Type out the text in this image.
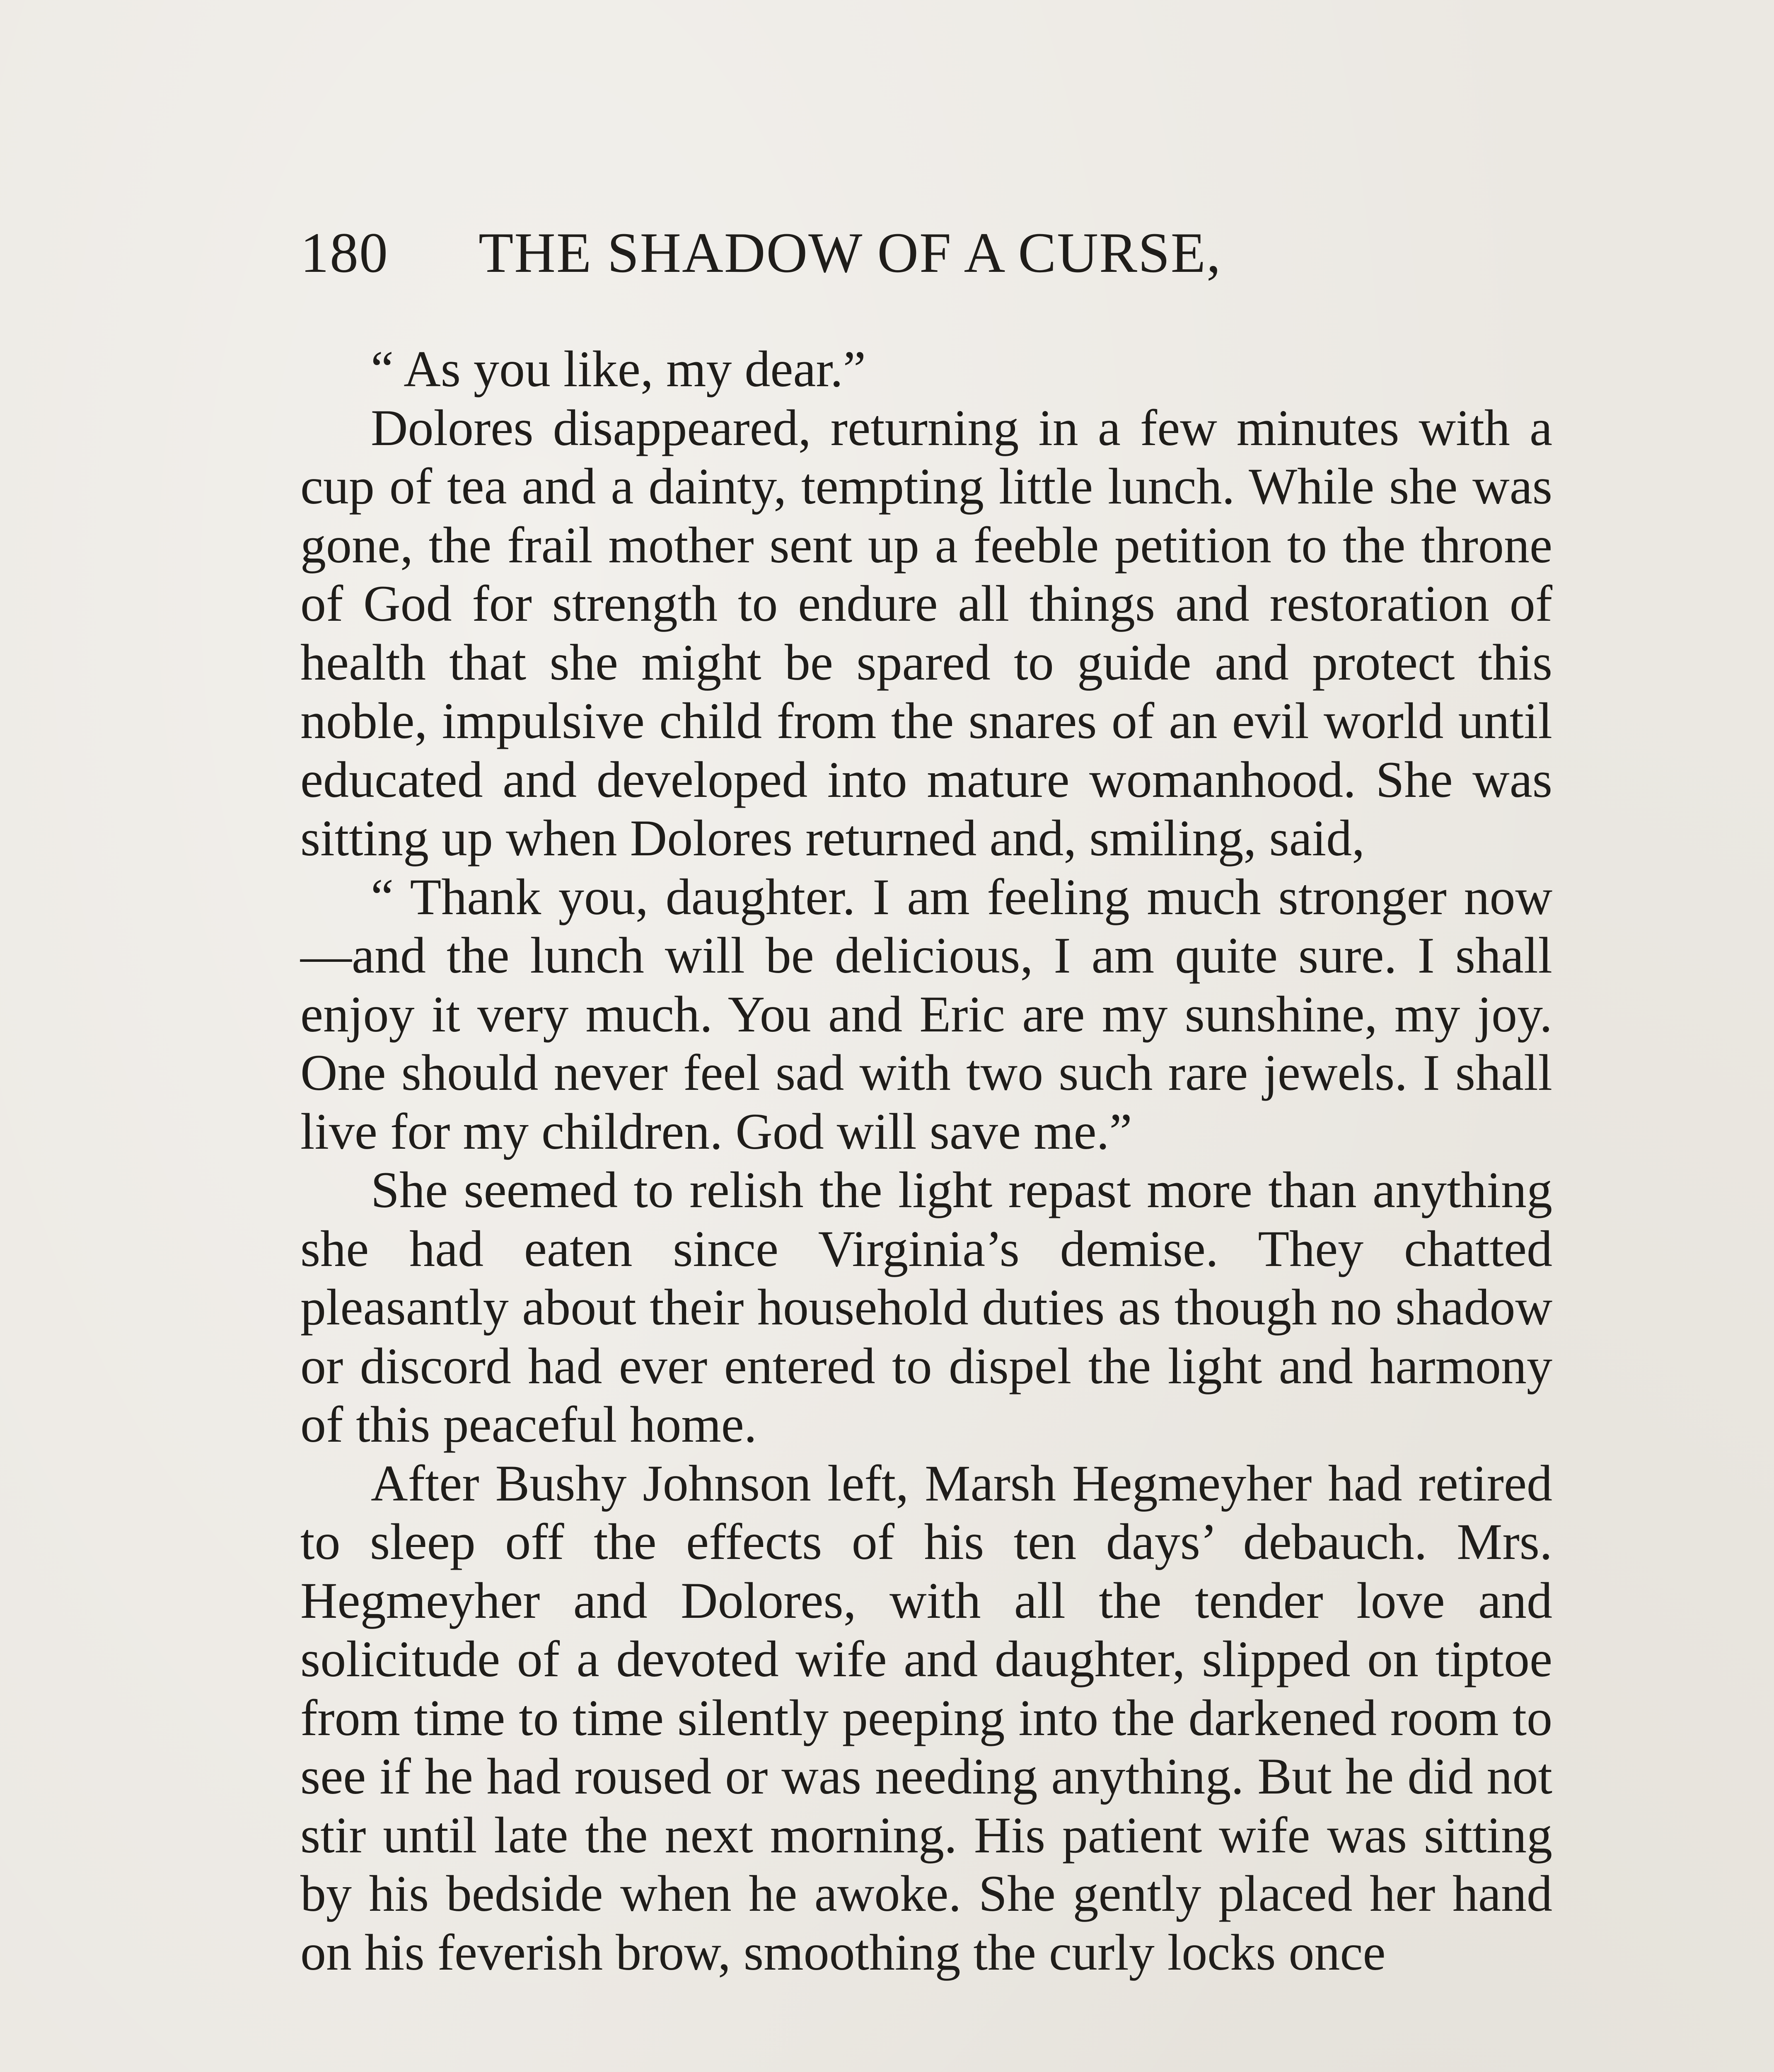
180 THE SHADOW OF A CURSE,

“ As you like, my dear.”

Dolores disappeared, returning in a few minutes with a cup of tea and a dainty, tempting little lunch. While she was gone, the frail mother sent up a feeble petition to the throne of God for strength to endure all things and restoration of health that she might be spared to guide and protect this noble, impulsive child from the snares of an evil world until educated and developed into mature womanhood. She was sitting up when Dolores returned and, smiling, said,

“ Thank you, daughter. I am feeling much stronger now—and the lunch will be delicious, I am quite sure. I shall enjoy it very much. You and Eric are my sunshine, my joy. One should never feel sad with two such rare jewels. I shall live for my children. God will save me.”

She seemed to relish the light repast more than anything she had eaten since Virginia’s demise. They chatted pleasantly about their household duties as though no shadow or discord had ever entered to dispel the light and harmony of this peaceful home.

After Bushy Johnson left, Marsh Hegmeyher had retired to sleep off the effects of his ten days’ debauch. Mrs. Hegmeyher and Dolores, with all the tender love and solicitude of a devoted wife and daughter, slipped on tiptoe from time to time silently peeping into the darkened room to see if he had roused or was needing anything. But he did not stir until late the next morning. His patient wife was sitting by his bedside when he awoke. She gently placed her hand on his feverish brow, smoothing the curly locks once
